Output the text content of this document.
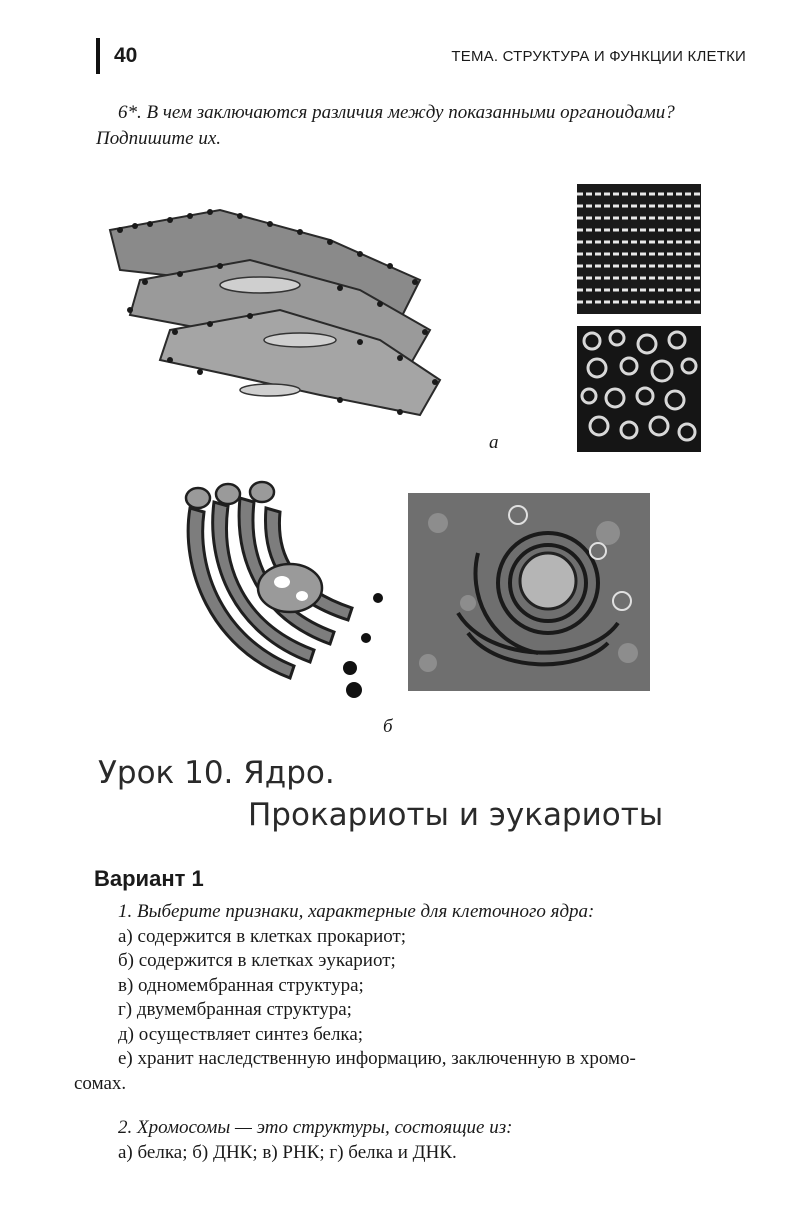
40	ТЕМА. СТРУКТУРА И ФУНКЦИИ КЛЕТКИ
6*. В чем заключаются различия между показанными органоидами? Подпишите их.
а
б
Урок 10. Ядро.
Прокариоты и эукариоты
Вариант 1

1. Выберите признаки, характерные для клеточного ядра:

а) содержится в клетках прокариот;

б) содержится в клетках эукариот;

в) одномембранная структура;

г) двумембранная структура;

д) осуществляет синтез белка;

е) хранит наследственную информацию, заключенную в хромо-

сомах.

2. Хромосомы — это структуры, состоящие из:

а) белка; б) ДНК; в) РНК; г) белка и ДНК.
